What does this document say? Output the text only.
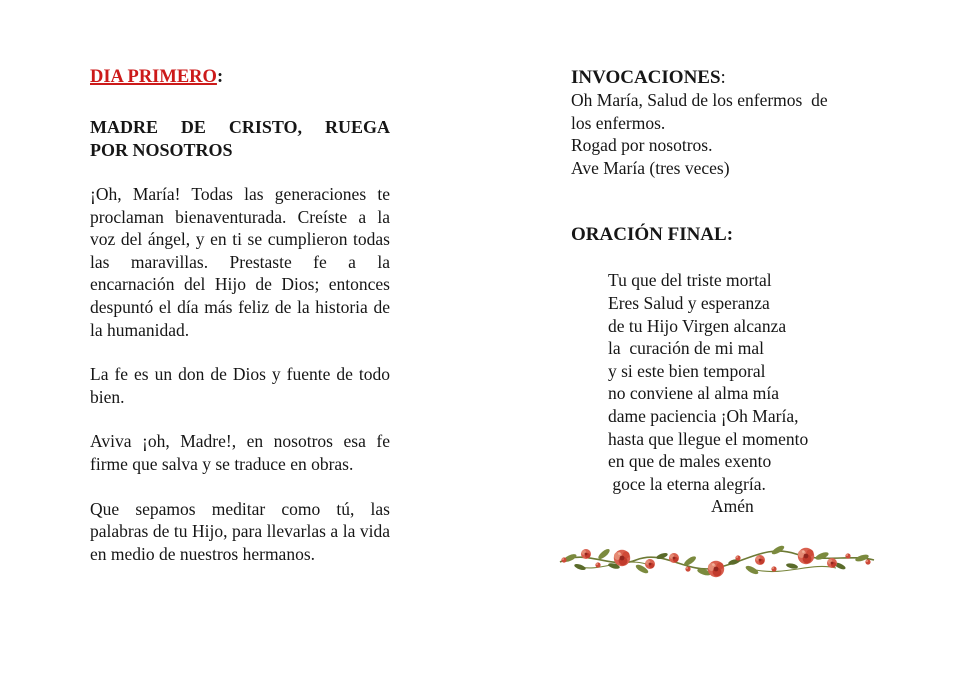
DIA PRIMERO:
MADRE DE CRISTO, RUEGA
POR NOSOTROS

¡Oh, María! Todas las generaciones te proclaman bienaventurada. Creíste a la voz del ángel, y en ti se cumplieron todas las maravillas. Prestaste fe a la encarnación del Hijo de Dios; entonces despuntó el día más feliz de la historia de la humanidad.

La fe es un don de Dios y fuente de todo bien.

Aviva ¡oh, Madre!, en nosotros esa fe firme que salva y se traduce en obras.

Que sepamos meditar como tú, las palabras de tu Hijo, para llevarlas a la vida en medio de nuestros hermanos.

INVOCACIONES:
Oh María, Salud de los enfermos  de
los enfermos.
Rogad por nosotros.
Ave María (tres veces)
ORACIÓN FINAL:
Tu que del triste mortal
Eres Salud y esperanza
de tu Hijo Virgen alcanza
la  curación de mi mal
y si este bien temporal
no conviene al alma mía
dame paciencia ¡Oh María,
hasta que llegue el momento
en que de males exento
goce la eterna alegría.
Amén
